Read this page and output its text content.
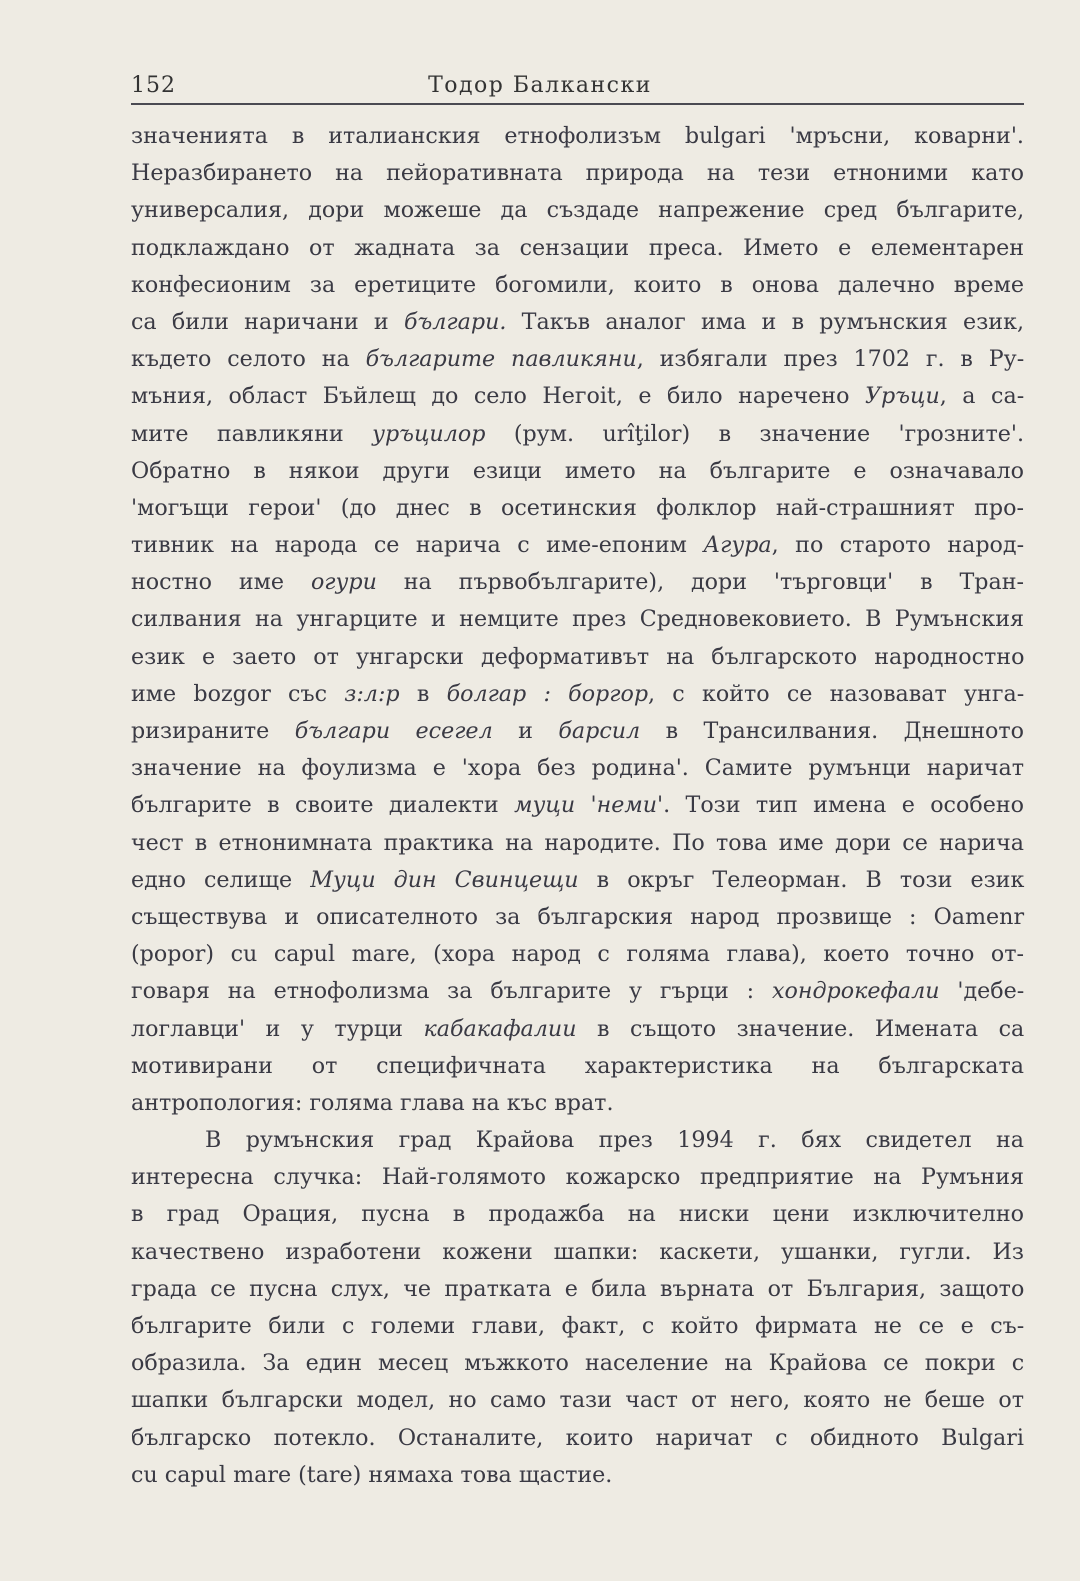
152	Тодор Балкански
значенията в италианския етнофолизъм bulgari 'мръсни, коварни'.
Неразбирането на пейоративната природа на тези етноними като
универсалия, дори можеше да създаде напрежение сред българите,
подклаждано от жадната за сензации преса. Името е елементарен
конфесионим за еретиците богомили, които в онова далечно време
са били наричани и българи. Такъв аналог има и в румънския език,
където селото на българите павликяни, избягали през 1702 г. в Ру-
мъния, област Бъйлещ до село Негоit, е било наречено Уръци, а са-
мите павликяни уръцилор (рум. urîţilor) в значение 'грозните'.
Обратно в някои други езици името на българите е означавало
'могъщи герои' (до днес в осетинския фолклор най-страшният про-
тивник на народа се нарича с име-епоним Агура, по старото народ-
ностно име огури на първобългарите), дори 'търговци' в Тран-
силвания на унгарците и немците през Средновековието. В Румънския
език е заето от унгарски деформативът на българското народностно
име bozgor със з:л:р в болгар : боргор, с който се назовават унга-
ризираните българи есегел и барсил в Трансилвания. Днешното
значение на фоулизма е 'хора без родина'. Самите румънци наричат
българите в своите диалекти муци 'неми'. Този тип имена е особено
чест в етнонимната практика на народите. По това име дори се нарича
едно селище Муци дин Свинцещи в окръг Телеорман. В този език
съществува и описателното за българския народ прозвище : Oamenr
(popor) cu capul mare, (хора народ с голяма глава), което точно от-
говаря на етнофолизма за българите у гърци : хондрокефали 'дебе-
логлавци' и у турци кабакафалии в същото значение. Имената са
мотивирани от специфичната характеристика на българската
антропология: голяма глава на къс врат.
В румънския град Крайова през 1994 г. бях свидетел на
интересна случка: Най-голямото кожарско предприятие на Румъния
в град Орация, пусна в продажба на ниски цени изключително
качествено изработени кожени шапки: каскети, ушанки, гугли. Из
града се пусна слух, че пратката е била върната от България, защото
българите били с големи глави, факт, с който фирмата не се е съ-
образила. За един месец мъжкото население на Крайова се покри с
шапки български модел, но само тази част от него, която не беше от
българско потекло. Останалите, които наричат с обидното Bulgari
cu capul mare (tare) нямаха това щастие.
